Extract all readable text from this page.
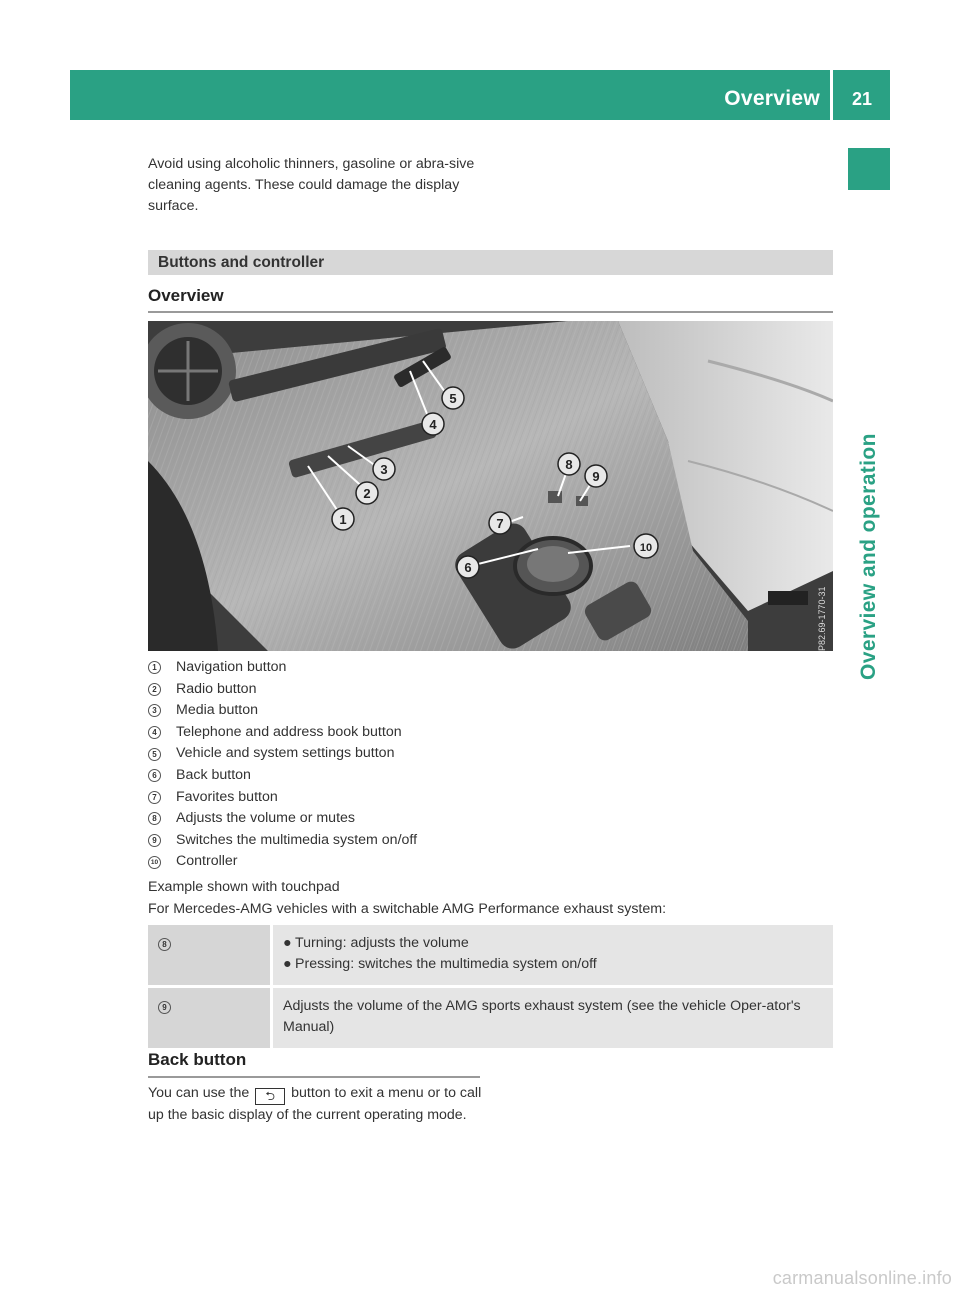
Overview 21
Overview and operation
Avoid using alcoholic thinners, gasoline or abra-sive cleaning agents. These could damage the display surface.
Buttons and controller
Overview
1
2
3
4
5
6
7
8
9
10
P82.69-1770-31
1	Navigation button
2	Radio button
3	Media button
4	Telephone and address book button
5	Vehicle and system settings button
6	Back button
7	Favorites button
8	Adjusts the volume or mutes
9	Switches the multimedia system on/off
10 Controller
Example shown with touchpad
For Mercedes-AMG vehicles with a switchable AMG Performance exhaust system:
8	● Turning: adjusts the volume
● Pressing: switches the multimedia system on/off

9	Adjusts the volume of the AMG sports exhaust system (see the vehicle Oper-ator's Manual)
Back button
You can use the ⮌ button to exit a menu or to call up the basic display of the current operating mode.
carmanualsonline.info
